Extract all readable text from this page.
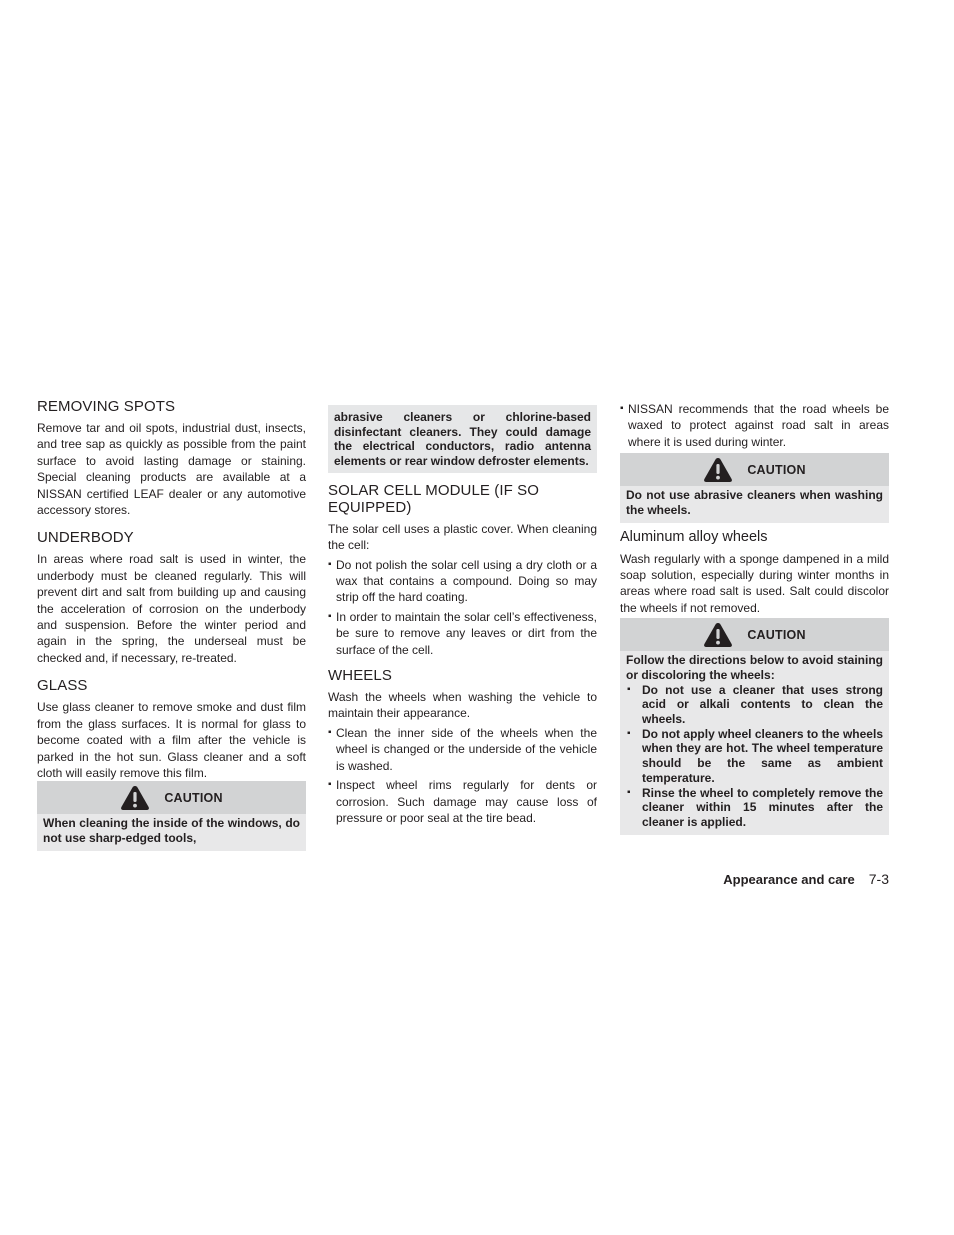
REMOVING SPOTS

Remove tar and oil spots, industrial dust, insects, and tree sap as quickly as possible from the paint surface to avoid lasting damage or staining. Special cleaning products are available at a NISSAN certified LEAF dealer or any automotive accessory stores.

UNDERBODY

In areas where road salt is used in winter, the underbody must be cleaned regularly. This will prevent dirt and salt from building up and causing the acceleration of corrosion on the underbody and suspension. Before the winter period and again in the spring, the underseal must be checked and, if necessary, re-treated.

GLASS

Use glass cleaner to remove smoke and dust film from the glass surfaces. It is normal for glass to become coated with a film after the vehicle is parked in the hot sun. Glass cleaner and a soft cloth will easily remove this film.

CAUTION
When cleaning the inside of the windows, do not use sharp-edged tools,
abrasive cleaners or chlorine-based disinfectant cleaners. They could damage the electrical conductors, radio antenna elements or rear window defroster elements.
SOLAR CELL MODULE (IF SO EQUIPPED)

The solar cell uses a plastic cover. When cleaning the cell:

▪ Do not polish the solar cell using a dry cloth or a wax that contains a compound. Doing so may strip off the hard coating.
▪ In order to maintain the solar cell’s effectiveness, be sure to remove any leaves or dirt from the surface of the cell.
WHEELS

Wash the wheels when washing the vehicle to maintain their appearance.

▪ Clean the inner side of the wheels when the wheel is changed or the underside of the vehicle is washed.
▪ Inspect wheel rims regularly for dents or corrosion. Such damage may cause loss of pressure or poor seal at the tire bead.
▪ NISSAN recommends that the road wheels be waxed to protect against road salt in areas where it is used during winter.
CAUTION
Do not use abrasive cleaners when washing the wheels.
Aluminum alloy wheels

Wash regularly with a sponge dampened in a mild soap solution, especially during winter months in areas where road salt is used. Salt could discolor the wheels if not removed.

CAUTION
Follow the directions below to avoid staining or discoloring the wheels:
▪ Do not use a cleaner that uses strong acid or alkali contents to clean the wheels.
▪ Do not apply wheel cleaners to the wheels when they are hot. The wheel temperature should be the same as ambient temperature.
▪ Rinse the wheel to completely remove the cleaner within 15 minutes after the cleaner is applied.
Appearance and care 7-3
